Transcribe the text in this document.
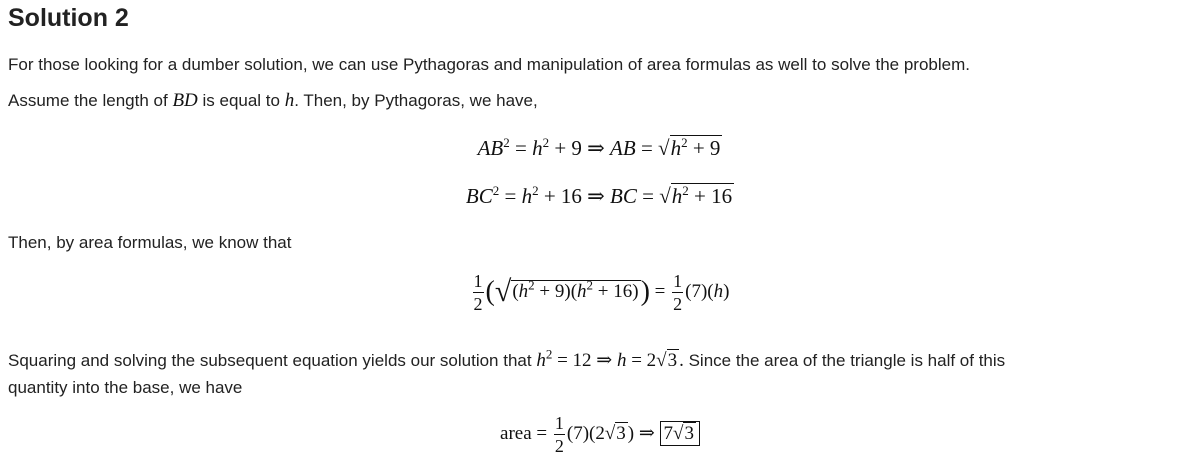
Solution 2
For those looking for a dumber solution, we can use Pythagoras and manipulation of area formulas as well to solve the problem.
Assume the length of BD is equal to h. Then, by Pythagoras, we have,
$AB^2 = h^2 + 9$ ⇒ AB = $√h^2 + 9$
$BC^2 = h^2 + 16$ ⇒ BC = $√h^2 + 16$
Then, by area formulas, we know that
$\frac{1}{2} (√(h^2 + 9)(h^2 + 16)) = \frac{1}{2} (7)(h)$
Squaring and solving the subsequent equation yields our solution that $h^2 = 12$ ⇒ h = 2√3 . Since the area of the triangle is half of this
quantity into the base, we have
area = $\frac{1}{2} (7)(2√3$ ) ⇒ 7√3
